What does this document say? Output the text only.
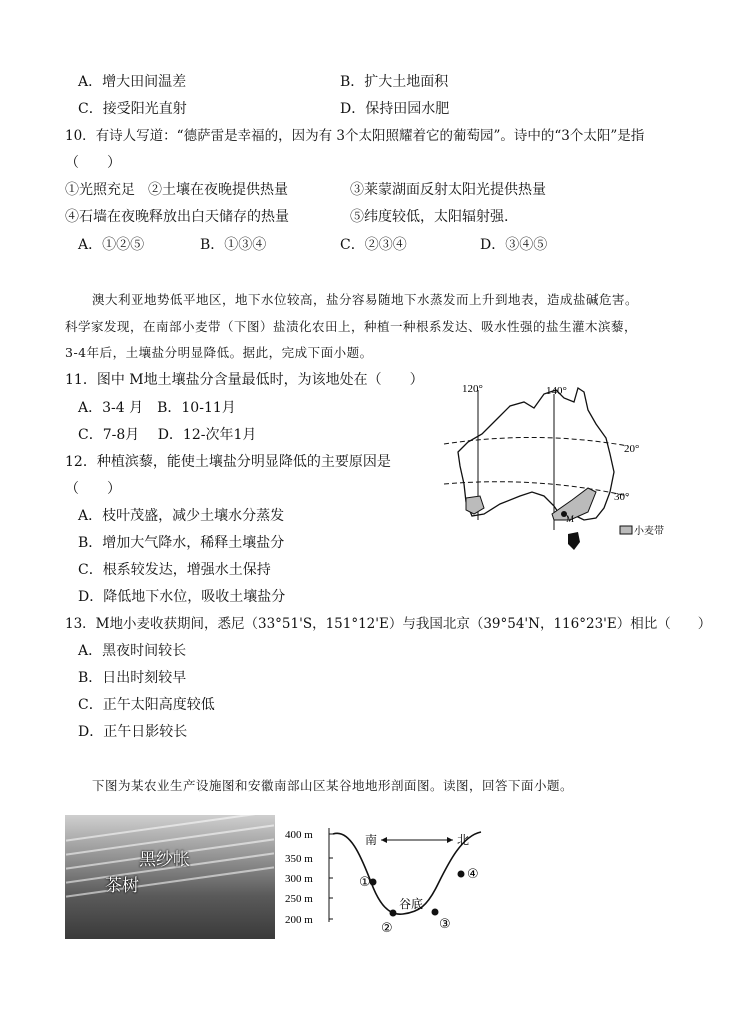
A．增大田间温差	B．扩大土地面积
C．接受阳光直射	D．保持田园水肥
10．有诗人写道：“德萨雷是幸福的，因为有 3个太阳照耀着它的葡萄园”。诗中的“3个太阳”是指
（　　）
①光照充足 ②土壤在夜晚提供热量	③莱蒙湖面反射太阳光提供热量
④石墙在夜晚释放出白天储存的热量	⑤纬度较低，太阳辐射强.
A．①②⑤	B．①③④	C．②③④	D．③④⑤
澳大利亚地势低平地区，地下水位较高，盐分容易随地下水蒸发而上升到地表，造成盐碱危害。
科学家发现，在南部小麦带（下图）盐渍化农田上，种植一种根系发达、吸水性强的盐生灌木滨藜，
3-4年后，土壤盐分明显降低。据此，完成下面小题。
11．图中 M地土壤盐分含量最低时，为该地处在（　　）
A．3-4 月　B．10-11月
C．7-8月　 D．12-次年1月
12．种植滨藜，能使土壤盐分明显降低的主要原因是
（　　）
A．枝叶茂盛，减少土壤水分蒸发
B．增加大气降水，稀释土壤盐分
C．根系较发达，增强水土保持
D．降低地下水位，吸收土壤盐分
13．M地小麦收获期间，悉尼（33°51'S，151°12'E）与我国北京（39°54'N，116°23'E）相比（　　）
A．黑夜时间较长
B．日出时刻较早
C．正午太阳高度较低
D．正午日影较长
下图为某农业生产设施图和安徽南部山区某谷地地形剖面图。读图，回答下面小题。
120°	140°
20°
30°
M
小麦带
黑纱帐
茶树
400 m
350 m
300 m
250 m
200 m
南	北
谷底
①
②	③
④
